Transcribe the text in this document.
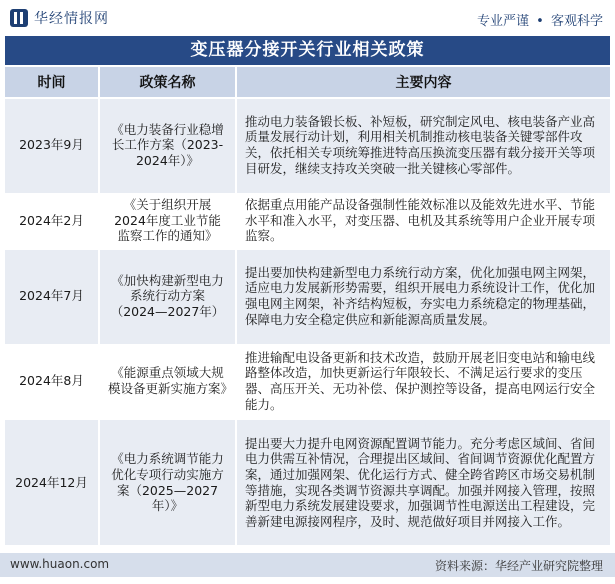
华经情报网	专业严谨 • 客观科学
变压器分接开关行业相关政策
时间	政策名称	主要内容
2023年9月	《电力装备行业稳增长工作方案（2023-2024年）》	推动电力装备锻长板、补短板，研究制定风电、核电装备产业高质量发展行动计划，利用相关机制推动核电装备关键零部件攻关，依托相关专项统筹推进特高压换流变压器有载分接开关等项目研发，继续支持攻关突破一批关键核心零部件。
2024年2月	《关于组织开展2024年度工业节能监察工作的通知》	依据重点用能产品设备强制性能效标准以及能效先进水平、节能水平和准入水平，对变压器、电机及其系统等用户企业开展专项监察。
2024年7月	《加快构建新型电力系统行动方案（2024—2027年）	提出要加快构建新型电力系统行动方案，优化加强电网主网架，适应电力发展新形势需要，组织开展电力系统设计工作，优化加强电网主网架，补齐结构短板，夯实电力系统稳定的物理基础，保障电力安全稳定供应和新能源高质量发展。
2024年8月	《能源重点领域大规模设备更新实施方案》	推进输配电设备更新和技术改造，鼓励开展老旧变电站和输电线路整体改造，加快更新运行年限较长、不满足运行要求的变压器、高压开关、无功补偿、保护测控等设备，提高电网运行安全能力。
2024年12月	《电力系统调节能力优化专项行动实施方案（2025—2027年）》	提出要大力提升电网资源配置调节能力。充分考虑区域间、省间电力供需互补情况，合理提出区域间、省间调节资源优化配置方案，通过加强网架、优化运行方式、健全跨省跨区市场交易机制等措施，实现各类调节资源共享调配。加强并网接入管理，按照新型电力系统发展建设要求，加强调节性电源送出工程建设，完善新建电源接网程序，及时、规范做好项目并网接入工作。
www.huaon.com	资料来源：华经产业研究院整理
